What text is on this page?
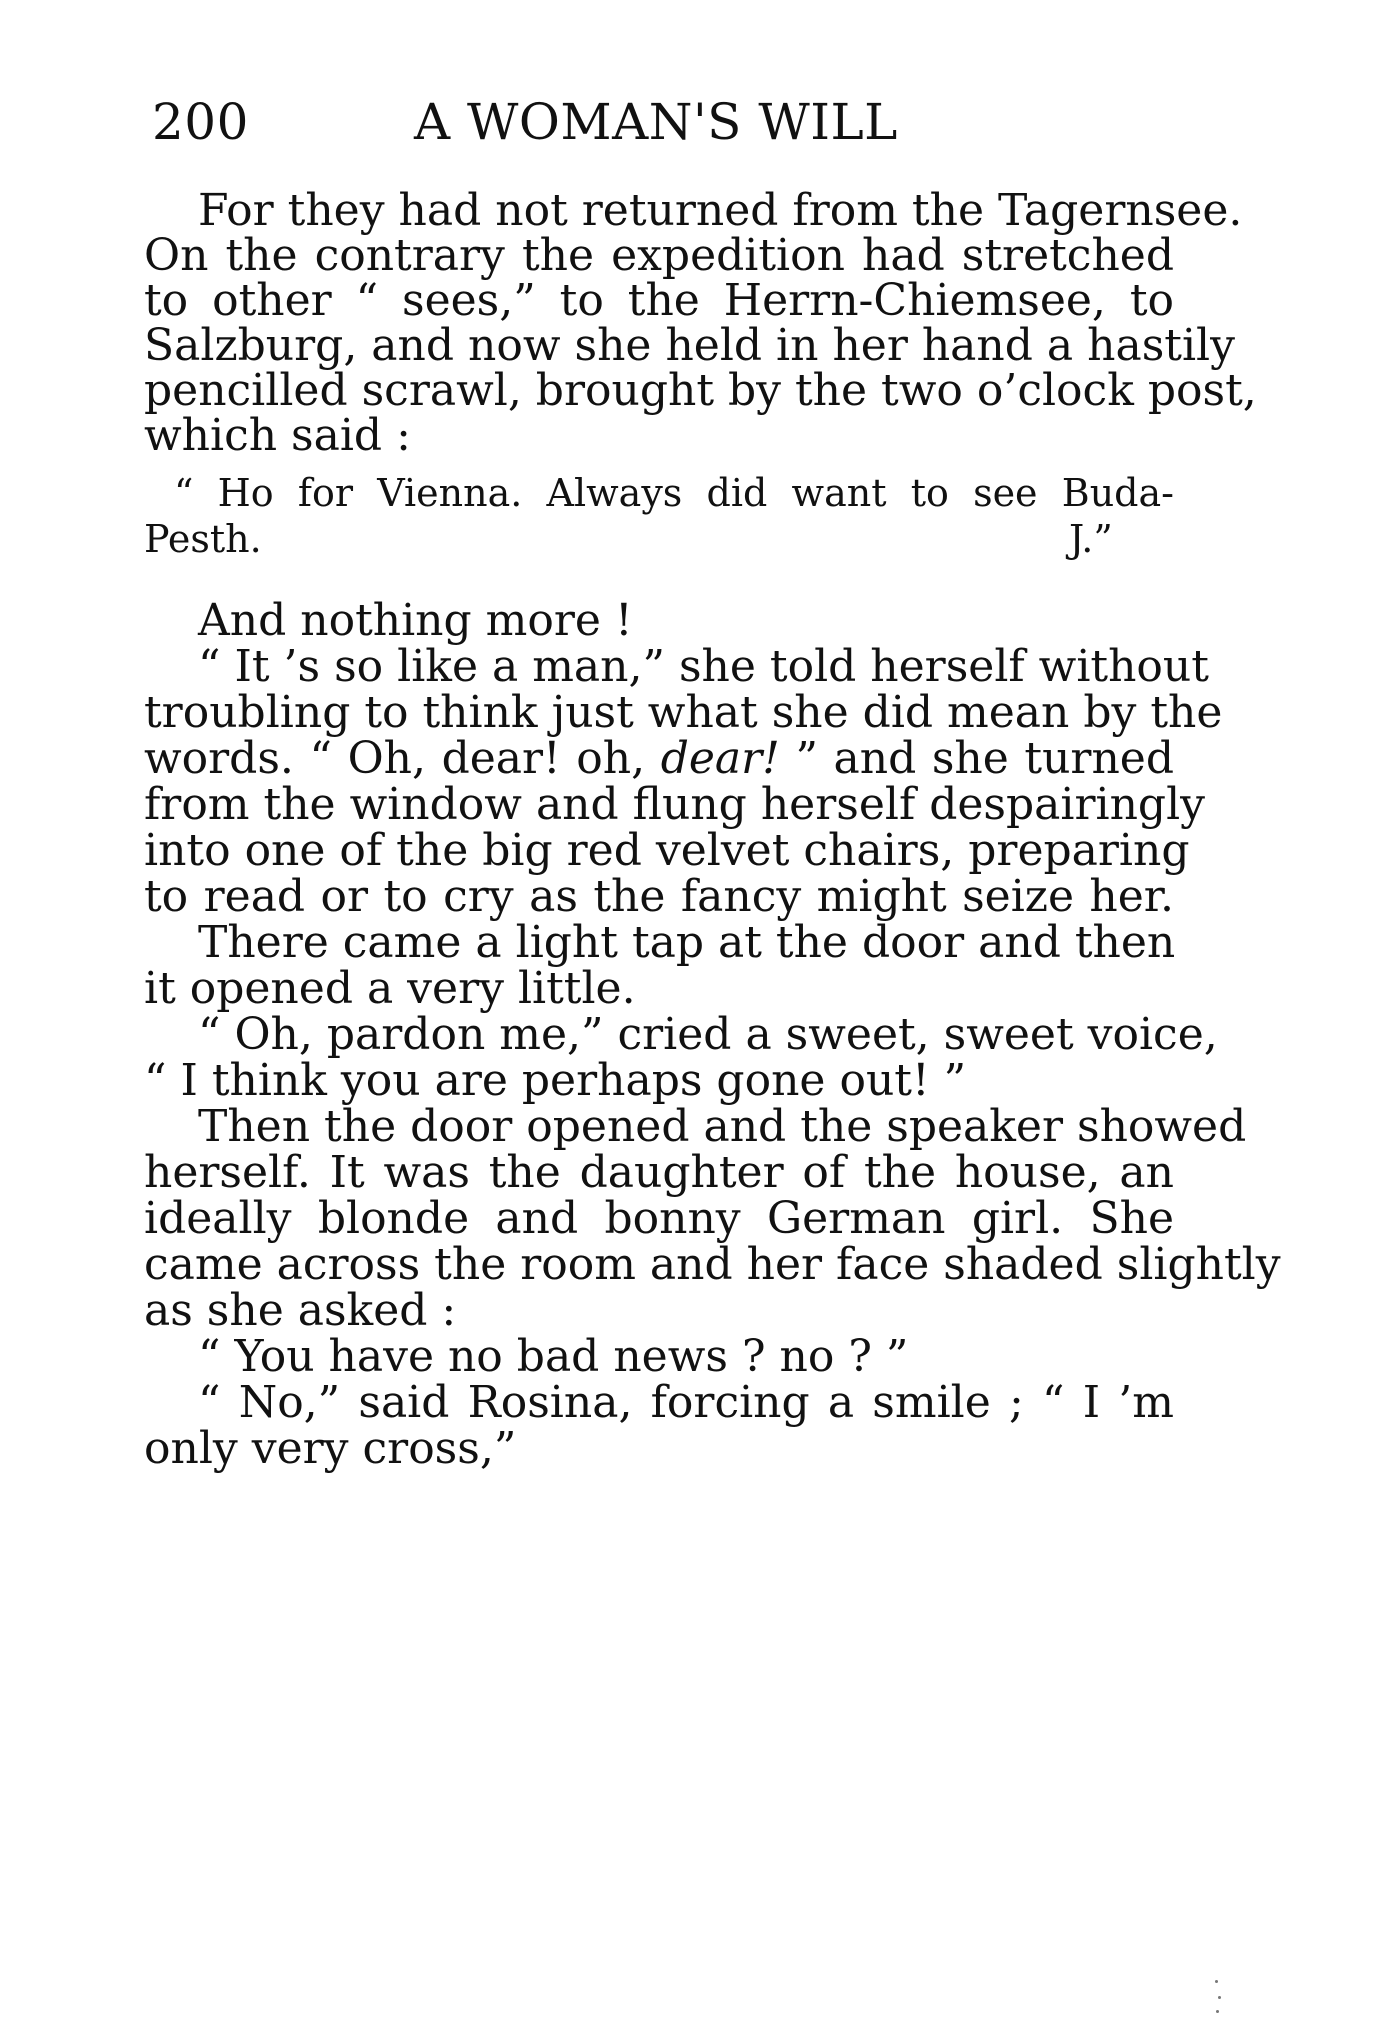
200	A WOMAN'S WILL
For they had not returned from the Tagernsee.
On the contrary the expedition had stretched
to other “ sees,” to the Herrn-Chiemsee, to
Salzburg, and now she held in her hand a hastily
pencilled scrawl, brought by the two o’clock post,
which said :
“ Ho for Vienna. Always did want to see Buda-
Pesth.	J.”
And nothing more !
“ It ’s so like a man,” she told herself without
troubling to think just what she did mean by the
words. “ Oh, dear! oh, dear! ” and she turned
from the window and flung herself despairingly
into one of the big red velvet chairs, preparing
to read or to cry as the fancy might seize her.
There came a light tap at the door and then
it opened a very little.
“ Oh, pardon me,” cried a sweet, sweet voice,
“ I think you are perhaps gone out! ”
Then the door opened and the speaker showed
herself. It was the daughter of the house, an
ideally blonde and bonny German girl. She
came across the room and her face shaded slightly
as she asked :
“ You have no bad news ? no ? ”
“ No,” said Rosina, forcing a smile ; “ I ’m
only very cross,”
